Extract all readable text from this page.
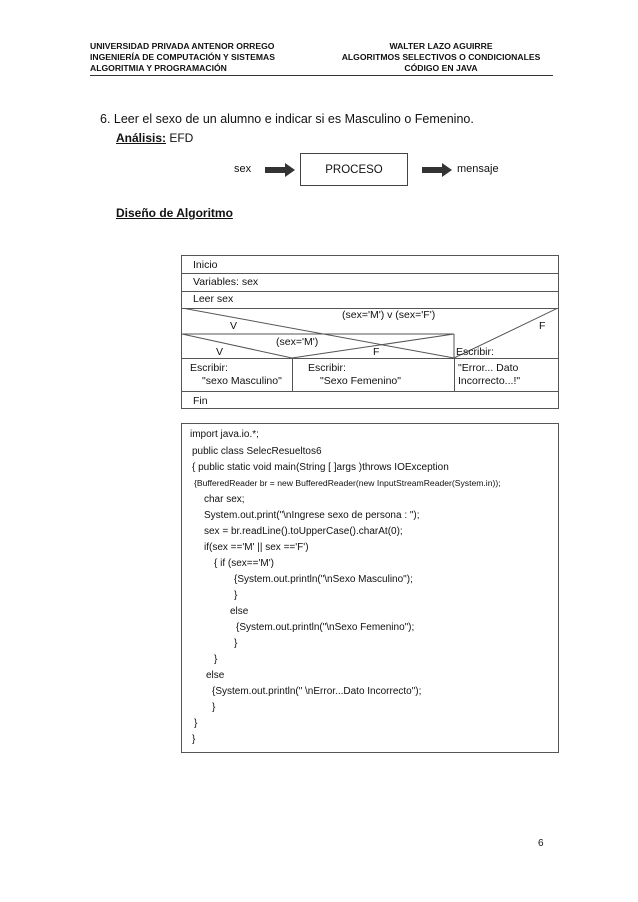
UNIVERSIDAD PRIVADA ANTENOR ORREGO
INGENIERÍA DE COMPUTACIÓN Y SISTEMAS
ALGORITMIA Y PROGRAMACIÓN
WALTER LAZO AGUIRRE
ALGORITMOS SELECTIVOS O CONDICIONALES
CÓDIGO EN JAVA
6. Leer el sexo de un alumno e indicar si es Masculino o Femenino.
Análisis: EFD
sex	PROCESO	mensaje
Diseño de Algoritmo
Inicio
Variables: sex
Leer sex
(sex='M') v (sex='F')
V	F
(sex='M')
V	F	Escribir:
Escribir:
"sexo Masculino"
Escribir:
"Sexo Femenino"
"Error... Dato
Incorrecto...!"
Fin
import java.io.*;
public class SelecResueltos6
{ public static void main(String [ ]args )throws IOException
{BufferedReader br = new BufferedReader(new InputStreamReader(System.in));
char sex;
System.out.print("\nIngrese sexo de persona : ");
sex = br.readLine().toUpperCase().charAt(0);
if(sex =='M' || sex =='F')
{ if (sex=='M')
{System.out.println("\nSexo Masculino");
}
else
{System.out.println("\nSexo Femenino");
}
}
else
{System.out.println(" \nError...Dato Incorrecto");
}
}
}
6
